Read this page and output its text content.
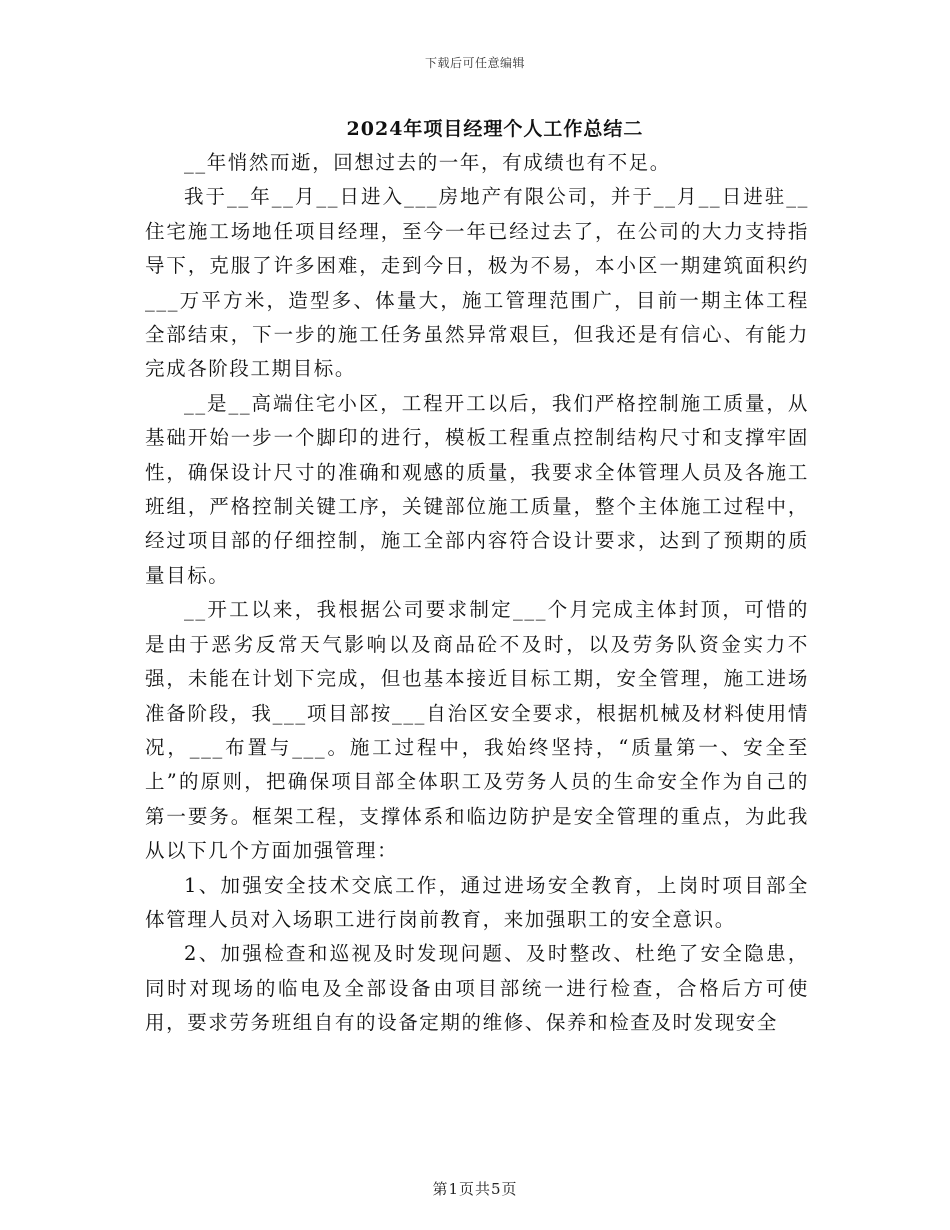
下载后可任意编辑
2024年项目经理个人工作总结二

__年悄然而逝，回想过去的一年，有成绩也有不足。

我于__年__月__日进入___房地产有限公司，并于__月__日进驻__住宅施工场地任项目经理，至今一年已经过去了，在公司的大力支持指导下，克服了许多困难，走到今日，极为不易，本小区一期建筑面积约___万平方米，造型多、体量大，施工管理范围广，目前一期主体工程全部结束，下一步的施工任务虽然异常艰巨，但我还是有信心、有能力完成各阶段工期目标。

__是__高端住宅小区，工程开工以后，我们严格控制施工质量，从基础开始一步一个脚印的进行，模板工程重点控制结构尺寸和支撑牢固性，确保设计尺寸的准确和观感的质量，我要求全体管理人员及各施工班组，严格控制关键工序，关键部位施工质量，整个主体施工过程中，经过项目部的仔细控制，施工全部内容符合设计要求，达到了预期的质量目标。

__开工以来，我根据公司要求制定___个月完成主体封顶，可惜的是由于恶劣反常天气影响以及商品砼不及时，以及劳务队资金实力不强，未能在计划下完成，但也基本接近目标工期，安全管理，施工进场准备阶段，我___项目部按___自治区安全要求，根据机械及材料使用情况，___布置与___。施工过程中，我始终坚持，“质量第一、安全至上”的原则，把确保项目部全体职工及劳务人员的生命安全作为自己的第一要务。框架工程，支撑体系和临边防护是安全管理的重点，为此我从以下几个方面加强管理：

1、加强安全技术交底工作，通过进场安全教育，上岗时项目部全体管理人员对入场职工进行岗前教育，来加强职工的安全意识。

2、加强检查和巡视及时发现问题、及时整改、杜绝了安全隐患，同时对现场的临电及全部设备由项目部统一进行检查，合格后方可使用，要求劳务班组自有的设备定期的维修、保养和检查及时发现安全

第1页共5页
